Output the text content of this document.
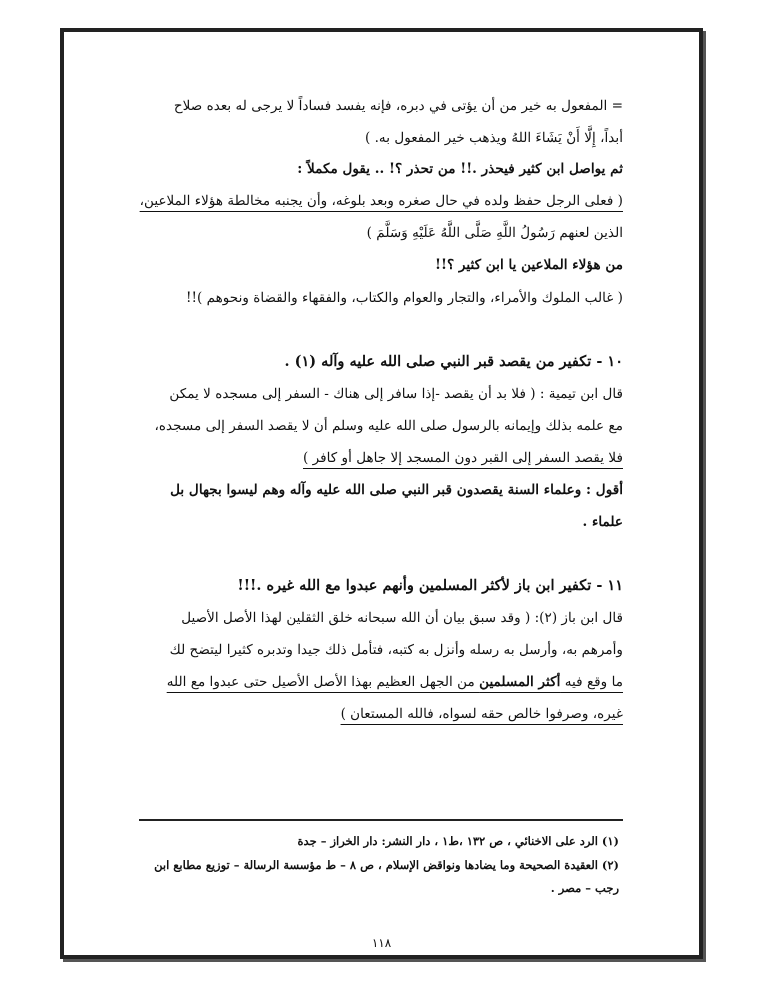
= المفعول به خير من أن يؤتى في دبره، فإنه يفسد فساداً لا يرجى له بعده صلاح
أبداً، إِلَّا أَنْ يَشَاءَ اللهُ ويذهب خير المفعول به. )
ثم يواصل ابن كثير فيحذر .!! من تحذر ؟! .. يقول مكملاً :
( فعلى الرجل حفظ ولده في حال صغره وبعد بلوغه، وأن يجنبه مخالطة هؤلاء الملاعين،
الذين لعنهم رَسُولُ اللَّهِ صَلَّى اللَّهُ عَلَيْهِ وَسَلَّمَ )
من هؤلاء الملاعين يا ابن كثير ؟!!
( غالب الملوك والأمراء، والتجار والعوام والكتاب، والفقهاء والقضاة ونحوهم )!!
١٠ - تكفير من يقصد قبر النبي صلى الله عليه وآله (١) .
قال ابن تيمية : ( فلا بد أن يقصد -إذا سافر إلى هناك - السفر إلى مسجده لا يمكن
مع علمه بذلك وإيمانه بالرسول صلى الله عليه وسلم أن لا يقصد السفر إلى مسجده،
فلا يقصد السفر إلى القبر دون المسجد إلا جاهل أو كافر )
أقول : وعلماء السنة يقصدون قبر النبي صلى الله عليه وآله وهم ليسوا بجهال بل
علماء .
١١ - تكفير ابن باز لأكثر المسلمين وأنهم عبدوا مع الله غيره .!!!
قال ابن باز (٢): ( وقد سبق بيان أن الله سبحانه خلق الثقلين لهذا الأصل الأصيل
وأمرهم به، وأرسل به رسله وأنزل به كتبه، فتأمل ذلك جيدا وتدبره كثيرا ليتضح لك
ما وقع فيه أكثر المسلمين من الجهل العظيم بهذا الأصل الأصيل حتى عبدوا مع الله
غيره، وصرفوا خالص حقه لسواه، فالله المستعان )
(١) الرد على الاخنائي ، ص ١٣٢ ،ط١ ، دار النشر: دار الخراز – جدة
(٢) العقيدة الصحيحة وما يضادها ونواقض الإسلام ، ص ٨ – ط مؤسسة الرسالة – توزيع مطابع ابن
رجب – مصر .
١١٨
